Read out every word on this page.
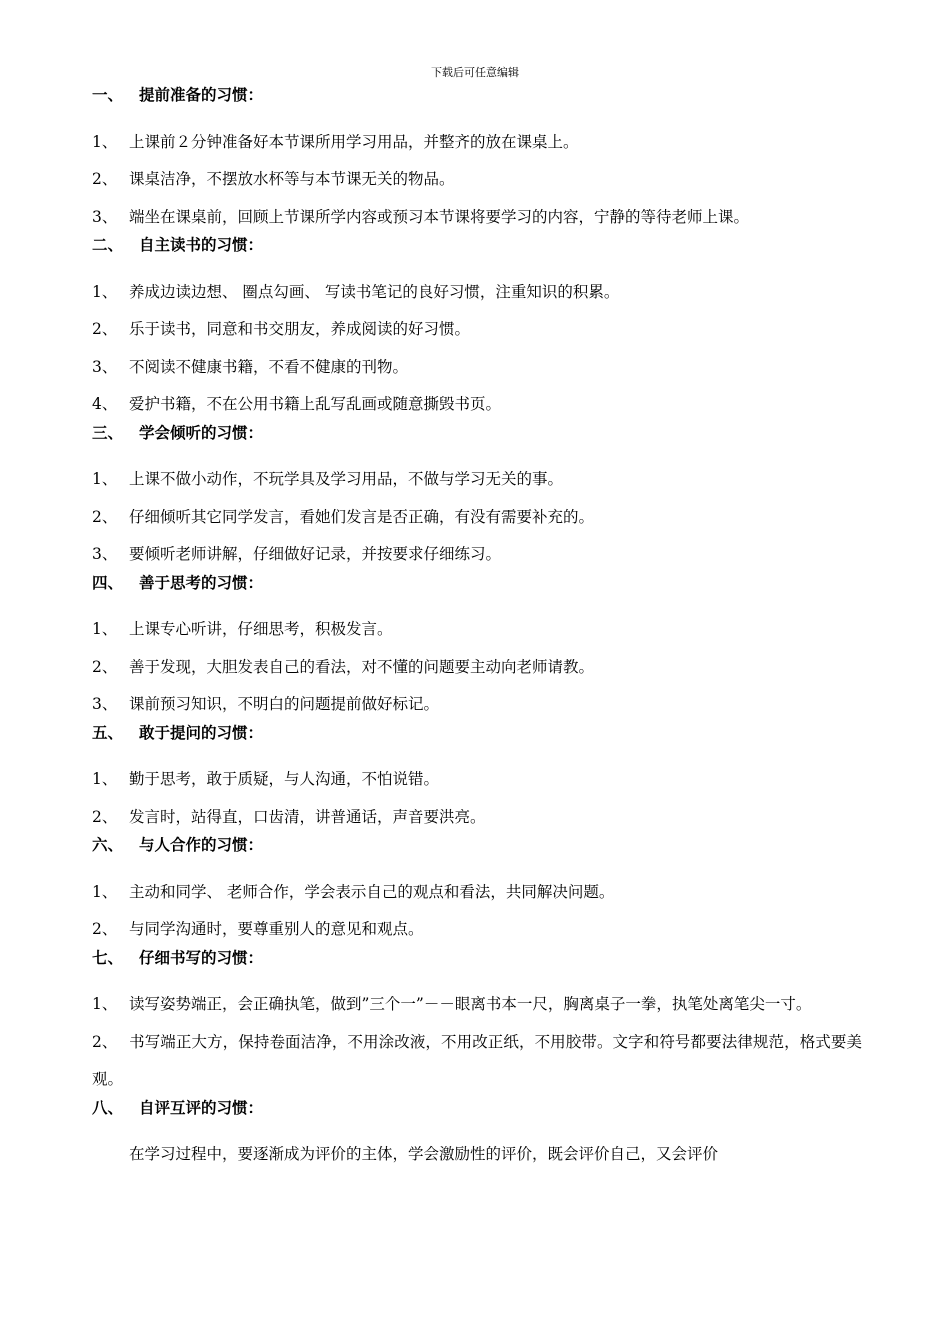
下载后可任意编辑
一、 提前准备的习惯：
1、 上课前２分钟准备好本节课所用学习用品，并整齐的放在课桌上。
2、 课桌洁净，不摆放水杯等与本节课无关的物品。
3、 端坐在课桌前，回顾上节课所学内容或预习本节课将要学习的内容，宁静的等待老师上课。
二、 自主读书的习惯：
1、 养成边读边想、 圈点勾画、 写读书笔记的良好习惯，注重知识的积累。
2、 乐于读书，同意和书交朋友，养成阅读的好习惯。
3、 不阅读不健康书籍，不看不健康的刊物。
4、 爱护书籍，不在公用书籍上乱写乱画或随意撕毁书页。
三、 学会倾听的习惯：
1、 上课不做小动作，不玩学具及学习用品，不做与学习无关的事。
2、 仔细倾听其它同学发言，看她们发言是否正确，有没有需要补充的。
3、 要倾听老师讲解，仔细做好记录，并按要求仔细练习。
四、 善于思考的习惯：
1、 上课专心听讲，仔细思考，积极发言。
2、 善于发现，大胆发表自己的看法，对不懂的问题要主动向老师请教。
3、 课前预习知识，不明白的问题提前做好标记。
五、 敢于提问的习惯：
1、 勤于思考，敢于质疑，与人沟通，不怕说错。
2、 发言时，站得直，口齿清，讲普通话，声音要洪亮。
六、 与人合作的习惯：
1、 主动和同学、 老师合作，学会表示自己的观点和看法，共同解决问题。
2、 与同学沟通时，要尊重别人的意见和观点。
七、 仔细书写的习惯：
1、 读写姿势端正，会正确执笔，做到”三个一”－－眼离书本一尺，胸离桌子一拳，执笔处离笔尖一寸。
2、 书写端正大方，保持卷面洁净，不用涂改液，不用改正纸，不用胶带。文字和符号都要法律规范，格式要美观。
八、 自评互评的习惯：
在学习过程中，要逐渐成为评价的主体，学会激励性的评价，既会评价自己，又会评价
